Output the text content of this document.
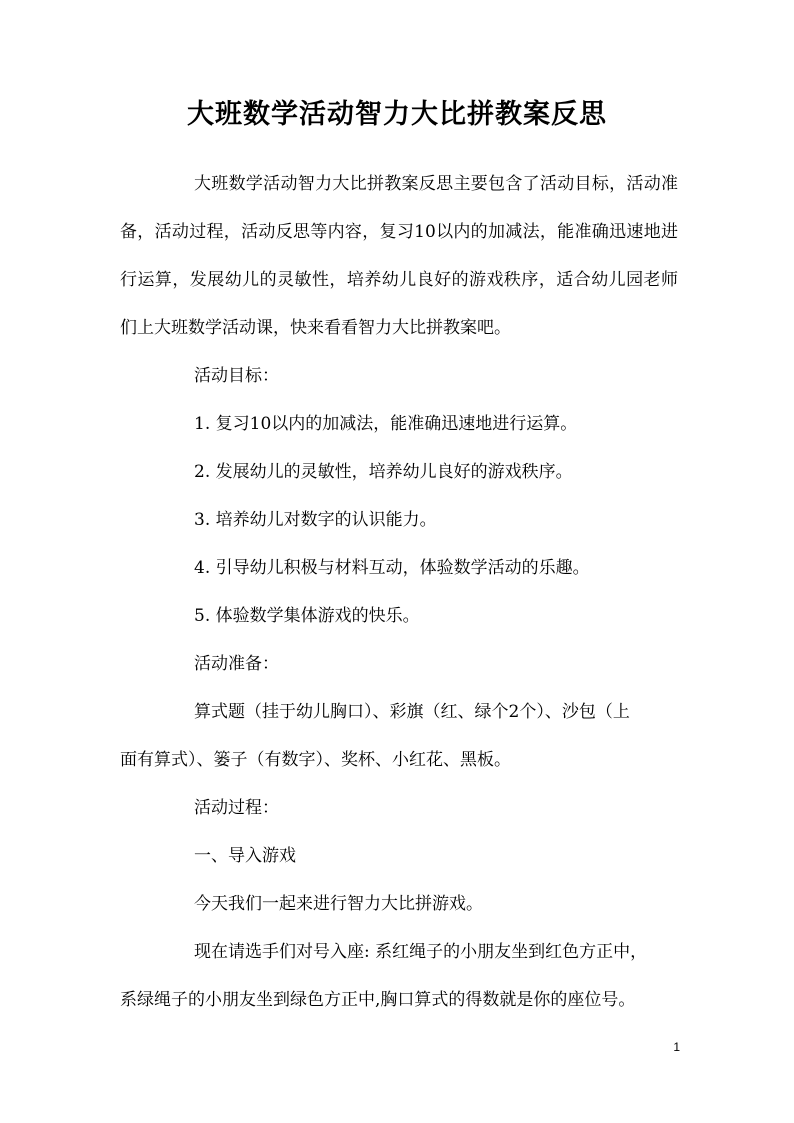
大班数学活动智力大比拼教案反思

大班数学活动智力大比拼教案反思主要包含了活动目标，活动准备，活动过程，活动反思等内容，复习10以内的加减法，能准确迅速地进行运算，发展幼儿的灵敏性，培养幼儿良好的游戏秩序，适合幼儿园老师们上大班数学活动课，快来看看智力大比拼教案吧。

活动目标：

1. 复习10以内的加减法，能准确迅速地进行运算。

2. 发展幼儿的灵敏性，培养幼儿良好的游戏秩序。

3. 培养幼儿对数字的认识能力。

4. 引导幼儿积极与材料互动，体验数学活动的乐趣。

5. 体验数学集体游戏的快乐。

活动准备：

算式题（挂于幼儿胸口）、彩旗（红、绿个2个）、沙包（上

面有算式）、篓子（有数字）、奖杯、小红花、黑板。

活动过程：

一、导入游戏

今天我们一起来进行智力大比拼游戏。

现在请选手们对号入座: 系红绳子的小朋友坐到红色方正中，

系绿绳子的小朋友坐到绿色方正中,胸口算式的得数就是你的座位号。

1
